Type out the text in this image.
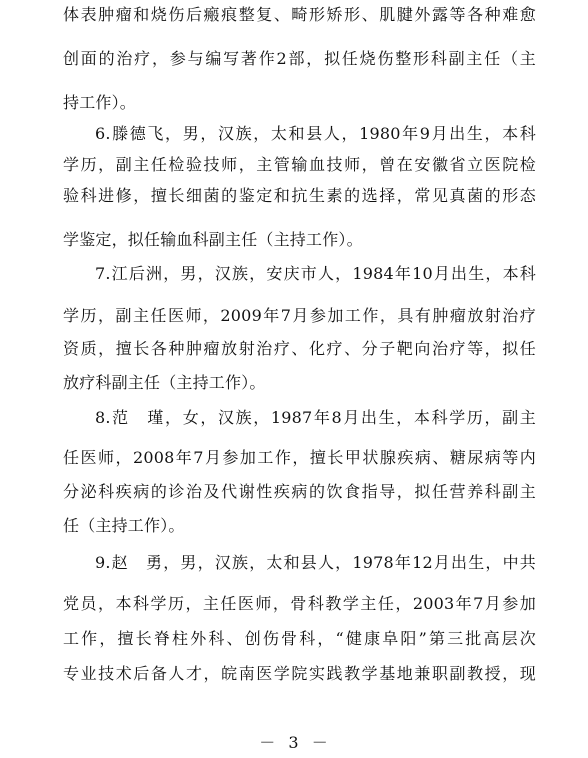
体表肿瘤和烧伤后瘢痕整复、畸形矫形、肌腱外露等各种难愈
创面的治疗，参与编写著作2部，拟任烧伤整形科副主任（主
持工作）。
6.滕德飞，男，汉族，太和县人，1980年9月出生，本科
学历，副主任检验技师，主管输血技师，曾在安徽省立医院检
验科进修，擅长细菌的鉴定和抗生素的选择，常见真菌的形态
学鉴定，拟任输血科副主任（主持工作）。
7.江后洲，男，汉族，安庆市人，1984年10月出生，本科
学历，副主任医师，2009年7月参加工作，具有肿瘤放射治疗
资质，擅长各种肿瘤放射治疗、化疗、分子靶向治疗等，拟任
放疗科副主任（主持工作）。
8.范　瑾，女，汉族，1987年8月出生，本科学历，副主
任医师，2008年7月参加工作，擅长甲状腺疾病、糖尿病等内
分泌科疾病的诊治及代谢性疾病的饮食指导，拟任营养科副主
任（主持工作）。
9.赵　勇，男，汉族，太和县人，1978年12月出生，中共
党员，本科学历，主任医师，骨科教学主任，2003年7月参加
工作，擅长脊柱外科、创伤骨科，“健康阜阳”第三批高层次
专业技术后备人才，皖南医学院实践教学基地兼职副教授，现
－ 3 －
